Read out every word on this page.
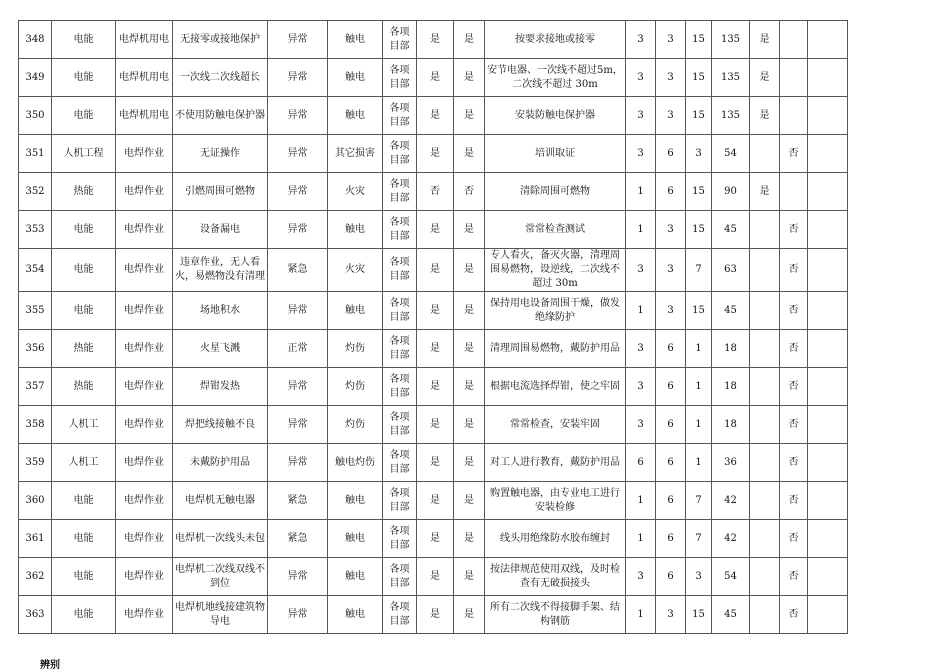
348	电能	电焊机用电	无接零或接地保护	异常	触电	各项目部	是	是	按要求接地或接零	3	3	15	135	是		
349	电能	电焊机用电	一次线二次线超长	异常	触电	各项目部	是	是	安节电器、一次线不超过5m，二次线不超过 30m	3	3	15	135	是		
350	电能	电焊机用电	不使用防触电保护器	异常	触电	各项目部	是	是	安装防触电保护器	3	3	15	135	是		
351	人机工程	电焊作业	无证操作	异常	其它损害	各项目部	是	是	培训取证	3	6	3	54		否	
352	热能	电焊作业	引燃周围可燃物	异常	火灾	各项目部	否	否	清除周围可燃物	1	6	15	90	是		
353	电能	电焊作业	设备漏电	异常	触电	各项目部	是	是	常常检查测试	1	3	15	45		否	
354	电能	电焊作业	违章作业，无人看火，易燃物没有清理	紧急	火灾	各项目部	是	是	专人看火，备灭火器，清理周围易燃物，设逆线，二次线不超过 30m	3	3	7	63		否	
355	电能	电焊作业	场地积水	异常	触电	各项目部	是	是	保持用电设备周围干燥，做发绝缘防护	1	3	15	45		否	
356	热能	电焊作业	火星飞溅	正常	灼伤	各项目部	是	是	清理周围易燃物，戴防护用品	3	6	1	18		否	
357	热能	电焊作业	焊钳发热	异常	灼伤	各项目部	是	是	根据电流选择焊钳，使之牢固	3	6	1	18		否	
358	人机工	电焊作业	焊把线接触不良	异常	灼伤	各项目部	是	是	常常检查，安装牢固	3	6	1	18		否	
359	人机工	电焊作业	未戴防护用品	异常	触电灼伤	各项目部	是	是	对工人进行教育，戴防护用品	6	6	1	36		否	
360	电能	电焊作业	电焊机无触电器	紧急	触电	各项目部	是	是	购置触电器，由专业电工进行安装检修	1	6	7	42		否	
361	电能	电焊作业	电焊机一次线头未包	紧急	触电	各项目部	是	是	线头用绝缘防水胶布缠封	1	6	7	42		否	
362	电能	电焊作业	电焊机二次线双线不到位	异常	触电	各项目部	是	是	按法律规范使用双线，及时检查有无破损接头	3	6	3	54		否	
363	电能	电焊作业	电焊机地线接建筑物导电	异常	触电	各项目部	是	是	所有二次线不得接脚手架、结构钢筋	1	3	15	45		否	
辨别
